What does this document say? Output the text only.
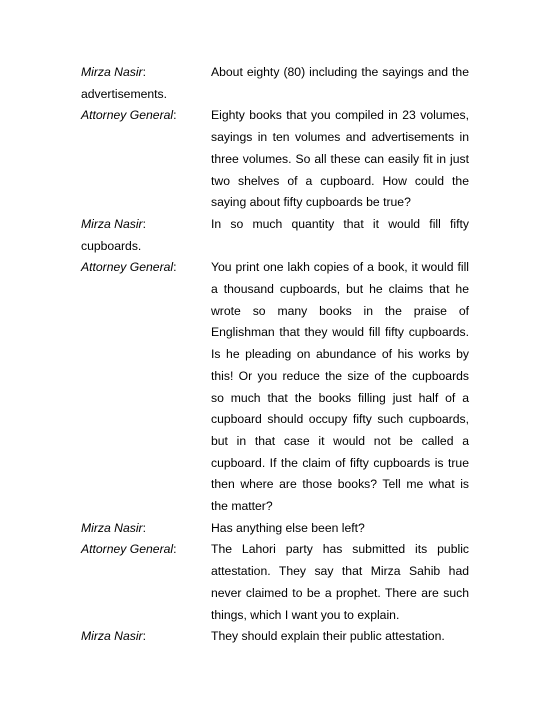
Mirza Nasir:	About eighty (80) including the sayings and the advertisements.
Attorney General:	Eighty books that you compiled in 23 volumes, sayings in ten volumes and advertisements in three volumes. So all these can easily fit in just two shelves of a cupboard. How could the saying about fifty cupboards be true?
Mirza Nasir:	In so much quantity that it would fill fifty cupboards.
Attorney General:	You print one lakh copies of a book, it would fill a thousand cupboards, but he claims that he wrote so many books in the praise of Englishman that they would fill fifty cupboards. Is he pleading on abundance of his works by this! Or you reduce the size of the cupboards so much that the books filling just half of a cupboard should occupy fifty such cupboards, but in that case it would not be called a cupboard. If the claim of fifty cupboards is true then where are those books? Tell me what is the matter?
Mirza Nasir:	Has anything else been left?
Attorney General:	The Lahori party has submitted its public attestation. They say that Mirza Sahib had never claimed to be a prophet. There are such things, which I want you to explain.
Mirza Nasir:	They should explain their public attestation.
